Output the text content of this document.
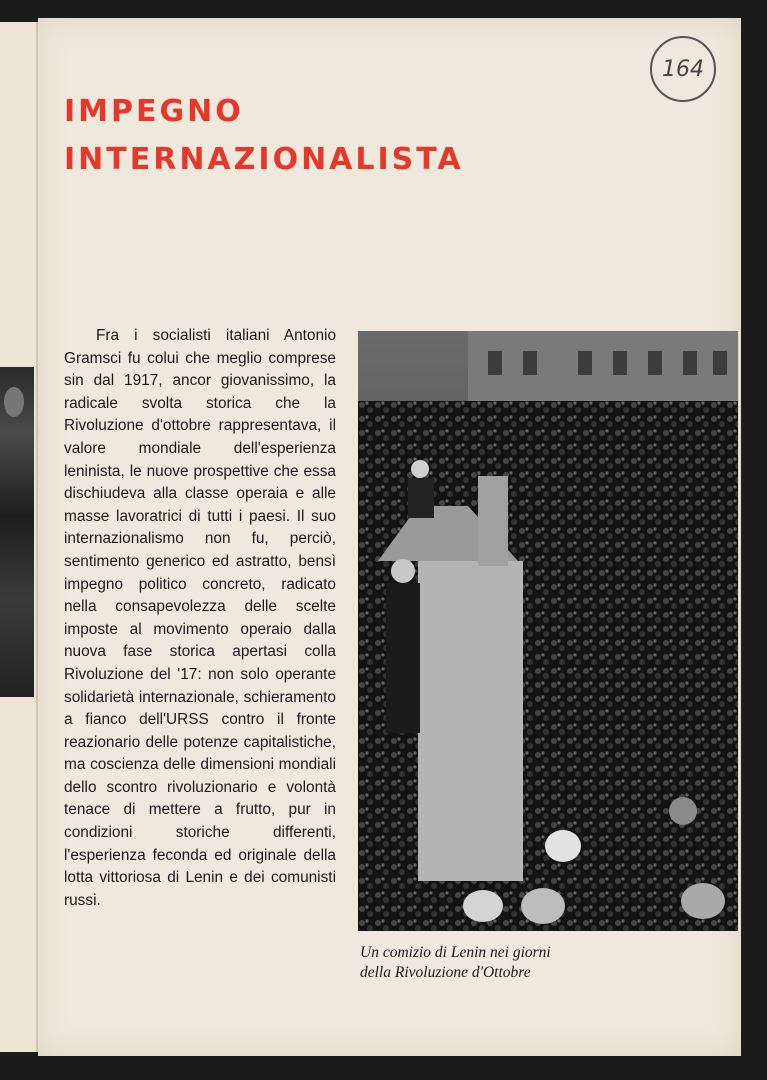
164
IMPEGNO
INTERNAZIONALISTA

Fra i socialisti italiani Antonio Gramsci fu colui che meglio comprese sin dal 1917, ancor giovanissimo, la radicale svolta storica che la Rivoluzione d'ottobre rappresentava, il valore mondiale dell'esperienza leninista, le nuove prospettive che essa dischiudeva alla classe operaia e alle masse lavoratrici di tutti i paesi. Il suo internazionalismo non fu, perciò, sentimento generico ed astratto, bensì impegno politico concreto, radicato nella consapevolezza delle scelte imposte al movimento operaio dalla nuova fase storica apertasi colla Rivoluzione del '17: non solo operante solidarietà internazionale, schieramento a fianco dell'URSS contro il fronte reazionario delle potenze capitalistiche, ma coscienza delle dimensioni mondiali dello scontro rivoluzionario e volontà tenace di mettere a frutto, pur in condizioni storiche differenti, l'esperienza feconda ed originale della lotta vittoriosa di Lenin e dei comunisti russi.

Un comizio di Lenin nei giorni
della Rivoluzione d'Ottobre
